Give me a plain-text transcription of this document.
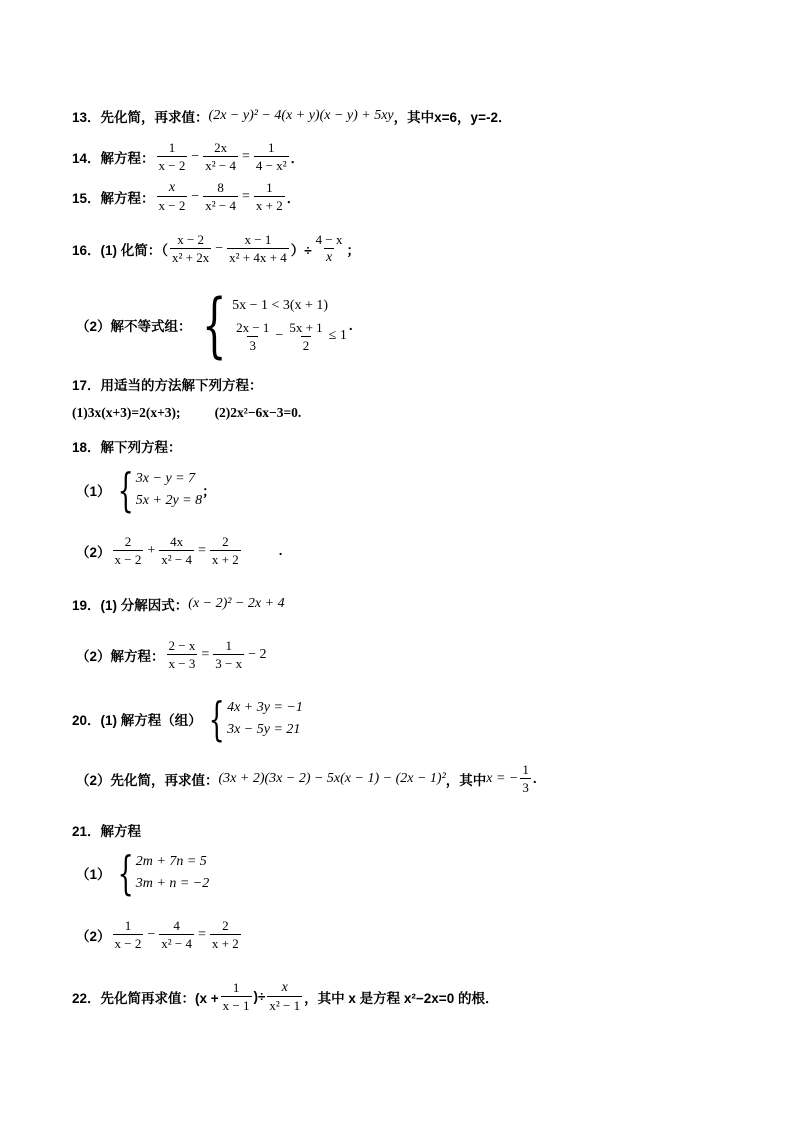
13．先化简，再求值： (2x − y)² − 4(x + y)(x − y) + 5xy ，其中x=6，y=-2．
14．解方程： $\frac{1}{x - 2} - \frac{2x}{\text{x² − 4}} = \frac{1}{\text{4 − x²}}$ ．
15．解方程： $\frac{x}{x - 2} - \frac{8}{\text{x² − 4}} = \frac{1}{x + 2}$ ．
16．(1) 化简：（ $\frac{x - 2}{\text{x² + 2x}} - \frac{x - 1}{\text{x² + 4x + 4}}$ ）÷ $\frac{4 - x}{x}$ ；
（2）解不等式组： { 5x − 1 < 3(x + 1)
$\frac{2x - 1}{3} - \frac{5x + 1}{2} \le 1$
.
17．用适当的方法解下列方程：
(1)3x(x+3)=2(x+3);	(2)2x²−6x−3=0.
18．解下列方程：
（1） { 3x − y = 7
5x + 2y = 8
；
$(2) \frac{2}{x - 2} + \frac{4x}{\text{x² − 4}} = \frac{2}{x + 2}$	.
19．(1) 分解因式： (x − 2)² − 2x + 4
（2）解方程： $\frac{2 - x}{x - 3} = \frac{1}{3 - x} - 2$
20．(1) 解方程（组） { 4x + 3y = −1
3x − 5y = 21
（2）先化简，再求值： (3x + 2)(3x − 2) − 5x(x − 1) − (2x − 1)² ，其中 x = − $\frac{1}{3}$ .
21．解方程
（1） { 2m + 7n = 5
3m + n = −2
$(2) \frac{1}{x - 2} - \frac{4}{\text{x² − 4}} = \frac{2}{x + 2}$
22．先化简再求值：($x + \frac{1}{x - 1}$ )÷ $\frac{x}{\text{x² − 1}}$ ，其中 x 是方程 x²−2x=0 的根．
